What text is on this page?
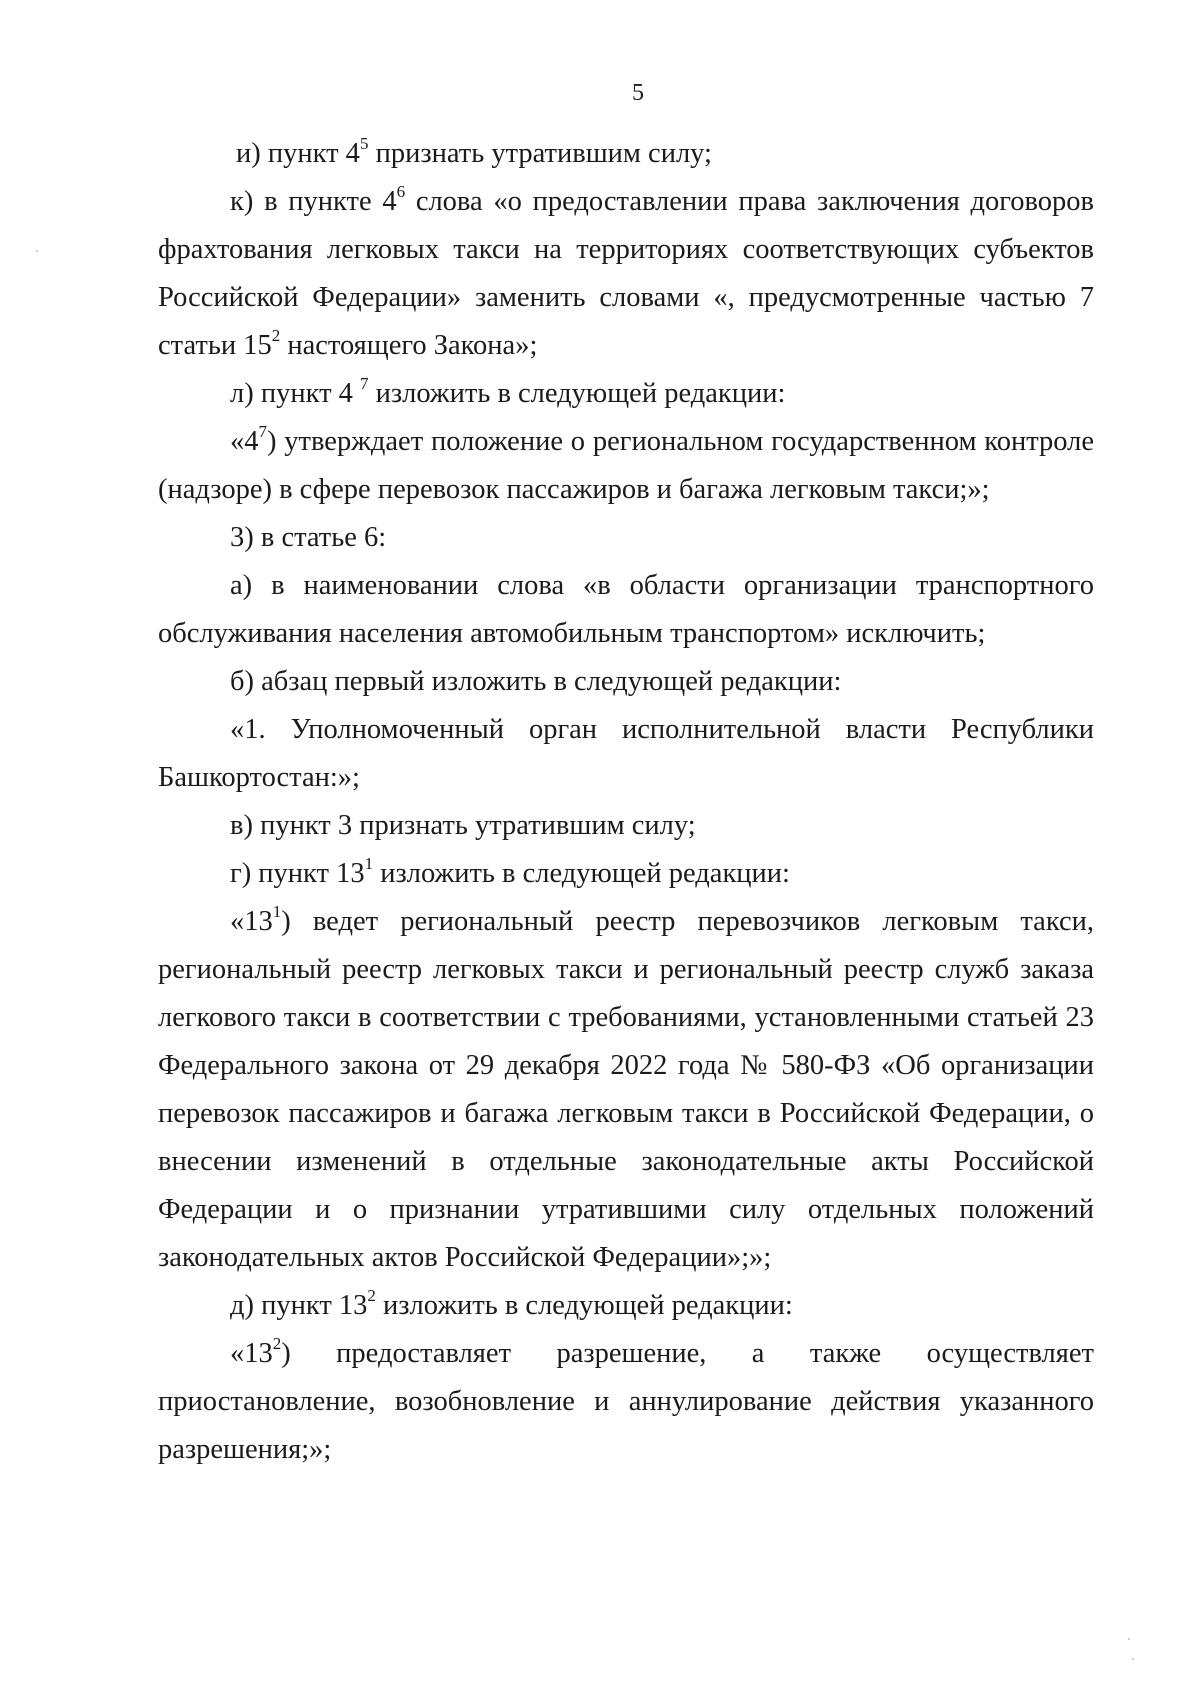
5

и) пункт $4^5$ признать утратившим силу;

к) в пункте $4^6$ слова «о предоставлении права заключения договоров фрахтования легковых такси на территориях соответствующих субъектов Российской Федерации» заменить словами «, предусмотренные частью 7 статьи $15^2$ настоящего Закона»;

л) пункт 4 $^7$ изложить в следующей редакции:

«$4^7$) утверждает положение о региональном государственном контроле (надзоре) в сфере перевозок пассажиров и багажа легковым такси;»;

3) в статье 6:

а) в наименовании слова «в области организации транспортного обслуживания населения автомобильным транспортом» исключить;

б) абзац первый изложить в следующей редакции:

«1. Уполномоченный орган исполнительной власти Республики Башкортостан:»;

в) пункт 3 признать утратившим силу;

г) пункт $13^1$ изложить в следующей редакции:

«$13^1$) ведет региональный реестр перевозчиков легковым такси, региональный реестр легковых такси и региональный реестр служб заказа легкового такси в соответствии с требованиями, установленными статьей 23 Федерального закона от 29 декабря 2022 года № 580-ФЗ «Об организации перевозок пассажиров и багажа легковым такси в Российской Федерации, о внесении изменений в отдельные законодательные акты Российской Федерации и о признании утратившими силу отдельных положений законодательных актов Российской Федерации»;»;

д) пункт $13^2$ изложить в следующей редакции:

«$13^2$) предоставляет разрешение, а также осуществляет приостановление, возобновление и аннулирование действия указанного разрешения;»;
